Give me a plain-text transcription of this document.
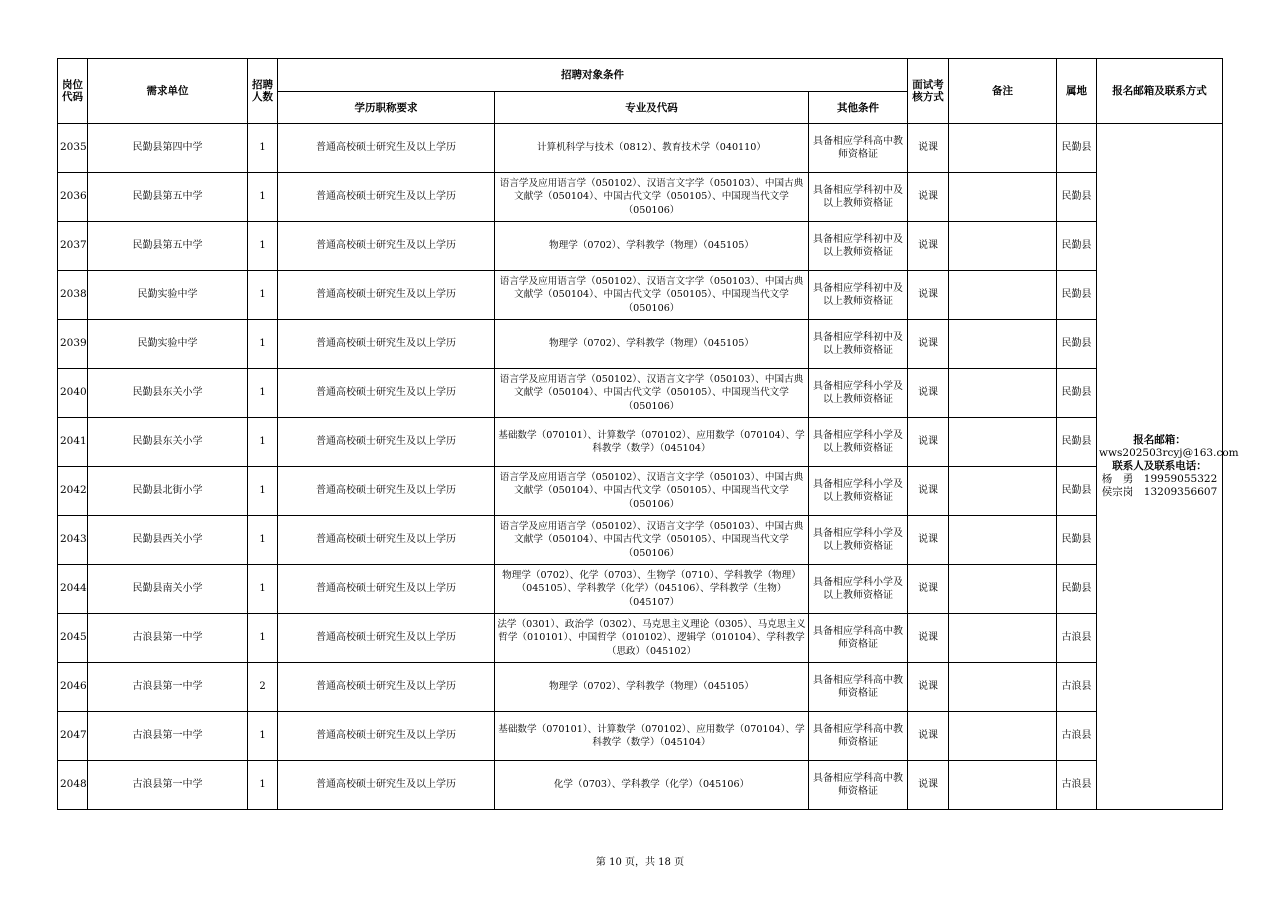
岗位代码	需求单位	招聘人数	招聘对象条件			面试考核方式	备注	属地	报名邮箱及联系方式
			学历职称要求	专业及代码	其他条件				
2035	民勤县第四中学	1	普通高校硕士研究生及以上学历	计算机科学与技术（0812）、教育技术学（040110）	具备相应学科高中教师资格证	说课		民勤县	报名邮箱：
wws202503rcyj@163.com
联系人及联系电话：
杨　勇　19959055322
侯宗岗　13209356607

2036	民勤县第五中学	1	普通高校硕士研究生及以上学历	语言学及应用语言学（050102）、汉语言文字学（050103）、中国古典文献学（050104）、中国古代文学（050105）、中国现当代文学（050106）	具备相应学科初中及以上教师资格证	说课		民勤县	
2037	民勤县第五中学	1	普通高校硕士研究生及以上学历	物理学（0702）、学科教学（物理）（045105）	具备相应学科初中及以上教师资格证	说课		民勤县	
2038	民勤实验中学	1	普通高校硕士研究生及以上学历	语言学及应用语言学（050102）、汉语言文字学（050103）、中国古典文献学（050104）、中国古代文学（050105）、中国现当代文学（050106）	具备相应学科初中及以上教师资格证	说课		民勤县	
2039	民勤实验中学	1	普通高校硕士研究生及以上学历	物理学（0702）、学科教学（物理）（045105）	具备相应学科初中及以上教师资格证	说课		民勤县	
2040	民勤县东关小学	1	普通高校硕士研究生及以上学历	语言学及应用语言学（050102）、汉语言文字学（050103）、中国古典文献学（050104）、中国古代文学（050105）、中国现当代文学（050106）	具备相应学科小学及以上教师资格证	说课		民勤县	
2041	民勤县东关小学	1	普通高校硕士研究生及以上学历	基础数学（070101）、计算数学（070102）、应用数学（070104）、学科教学（数学）（045104）	具备相应学科小学及以上教师资格证	说课		民勤县	
2042	民勤县北街小学	1	普通高校硕士研究生及以上学历	语言学及应用语言学（050102）、汉语言文字学（050103）、中国古典文献学（050104）、中国古代文学（050105）、中国现当代文学（050106）	具备相应学科小学及以上教师资格证	说课		民勤县	
2043	民勤县西关小学	1	普通高校硕士研究生及以上学历	语言学及应用语言学（050102）、汉语言文字学（050103）、中国古典文献学（050104）、中国古代文学（050105）、中国现当代文学（050106）	具备相应学科小学及以上教师资格证	说课		民勤县	
2044	民勤县南关小学	1	普通高校硕士研究生及以上学历	物理学（0702）、化学（0703）、生物学（0710）、学科教学（物理）（045105）、学科教学（化学）（045106）、学科教学（生物）（045107）	具备相应学科小学及以上教师资格证	说课		民勤县	
2045	古浪县第一中学	1	普通高校硕士研究生及以上学历	法学（0301）、政治学（0302）、马克思主义理论（0305）、马克思主义哲学（010101）、中国哲学（010102）、逻辑学（010104）、学科教学（思政）（045102）	具备相应学科高中教师资格证	说课		古浪县	
2046	古浪县第一中学	2	普通高校硕士研究生及以上学历	物理学（0702）、学科教学（物理）（045105）	具备相应学科高中教师资格证	说课		古浪县	
2047	古浪县第一中学	1	普通高校硕士研究生及以上学历	基础数学（070101）、计算数学（070102）、应用数学（070104）、学科教学（数学）（045104）	具备相应学科高中教师资格证	说课		古浪县	
2048	古浪县第一中学	1	普通高校硕士研究生及以上学历	化学（0703）、学科教学（化学）（045106）	具备相应学科高中教师资格证	说课		古浪县	
第 10 页，共 18 页
